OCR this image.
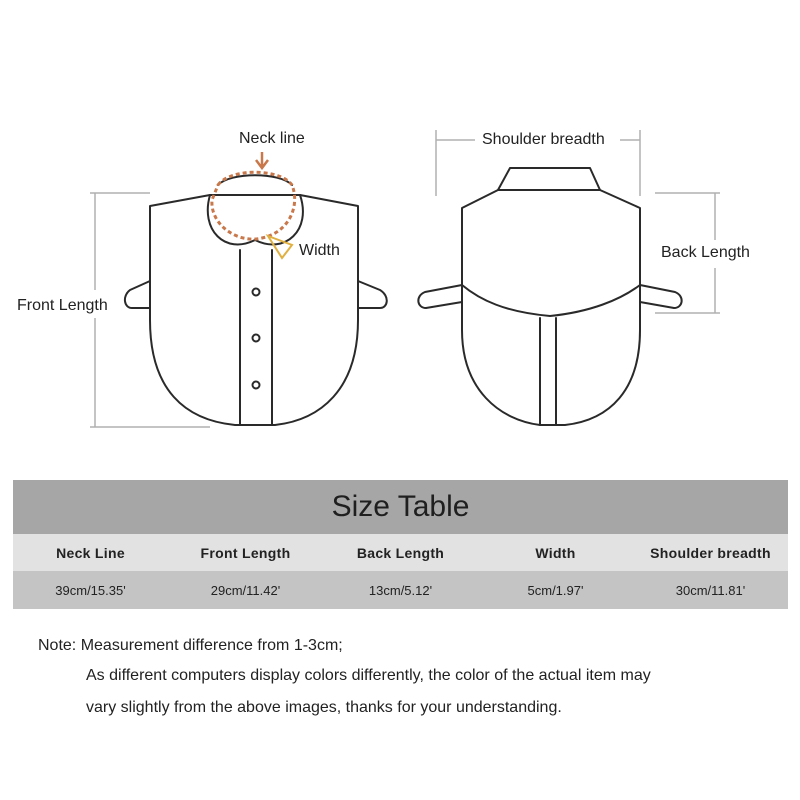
Neck line
Width
Front Length
Shoulder breadth
Back Length
Size Table
Neck Line	Front Length	Back Length	Width	Shoulder breadth
39cm/15.35'	29cm/11.42'	13cm/5.12'	5cm/1.97'	30cm/11.81'
Note: Measurement difference from 1-3cm;
As different computers display colors differently, the color of the actual item may
vary slightly from the above images, thanks for your understanding.
